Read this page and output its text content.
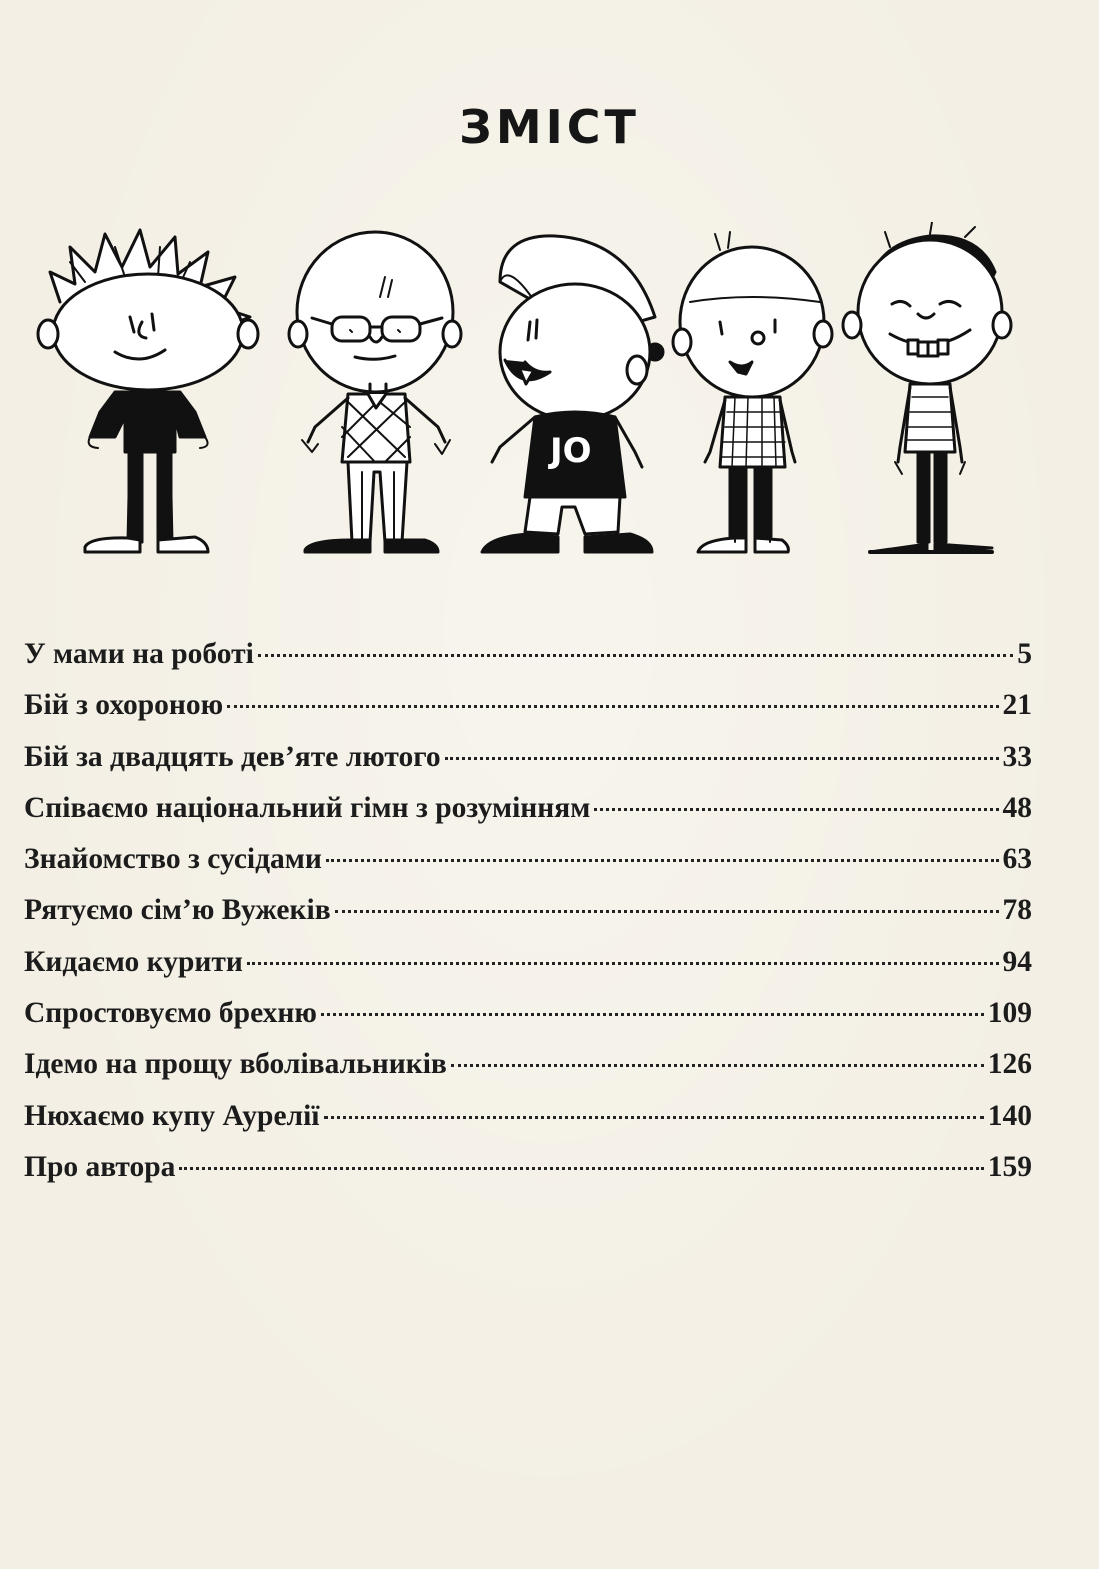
ЗМІСТ
JO
У мами на роботі	5
Бій з охороною	21
Бій за двадцять дев’яте лютого	33
Співаємо національний гімн з розумінням	48
Знайомство з сусідами	63
Рятуємо сім’ю Вужеків	78
Кидаємо курити	94
Спростовуємо брехню	109
Ідемо на прощу вболівальників	126
Нюхаємо купу Аурелії	140
Про автора	159
